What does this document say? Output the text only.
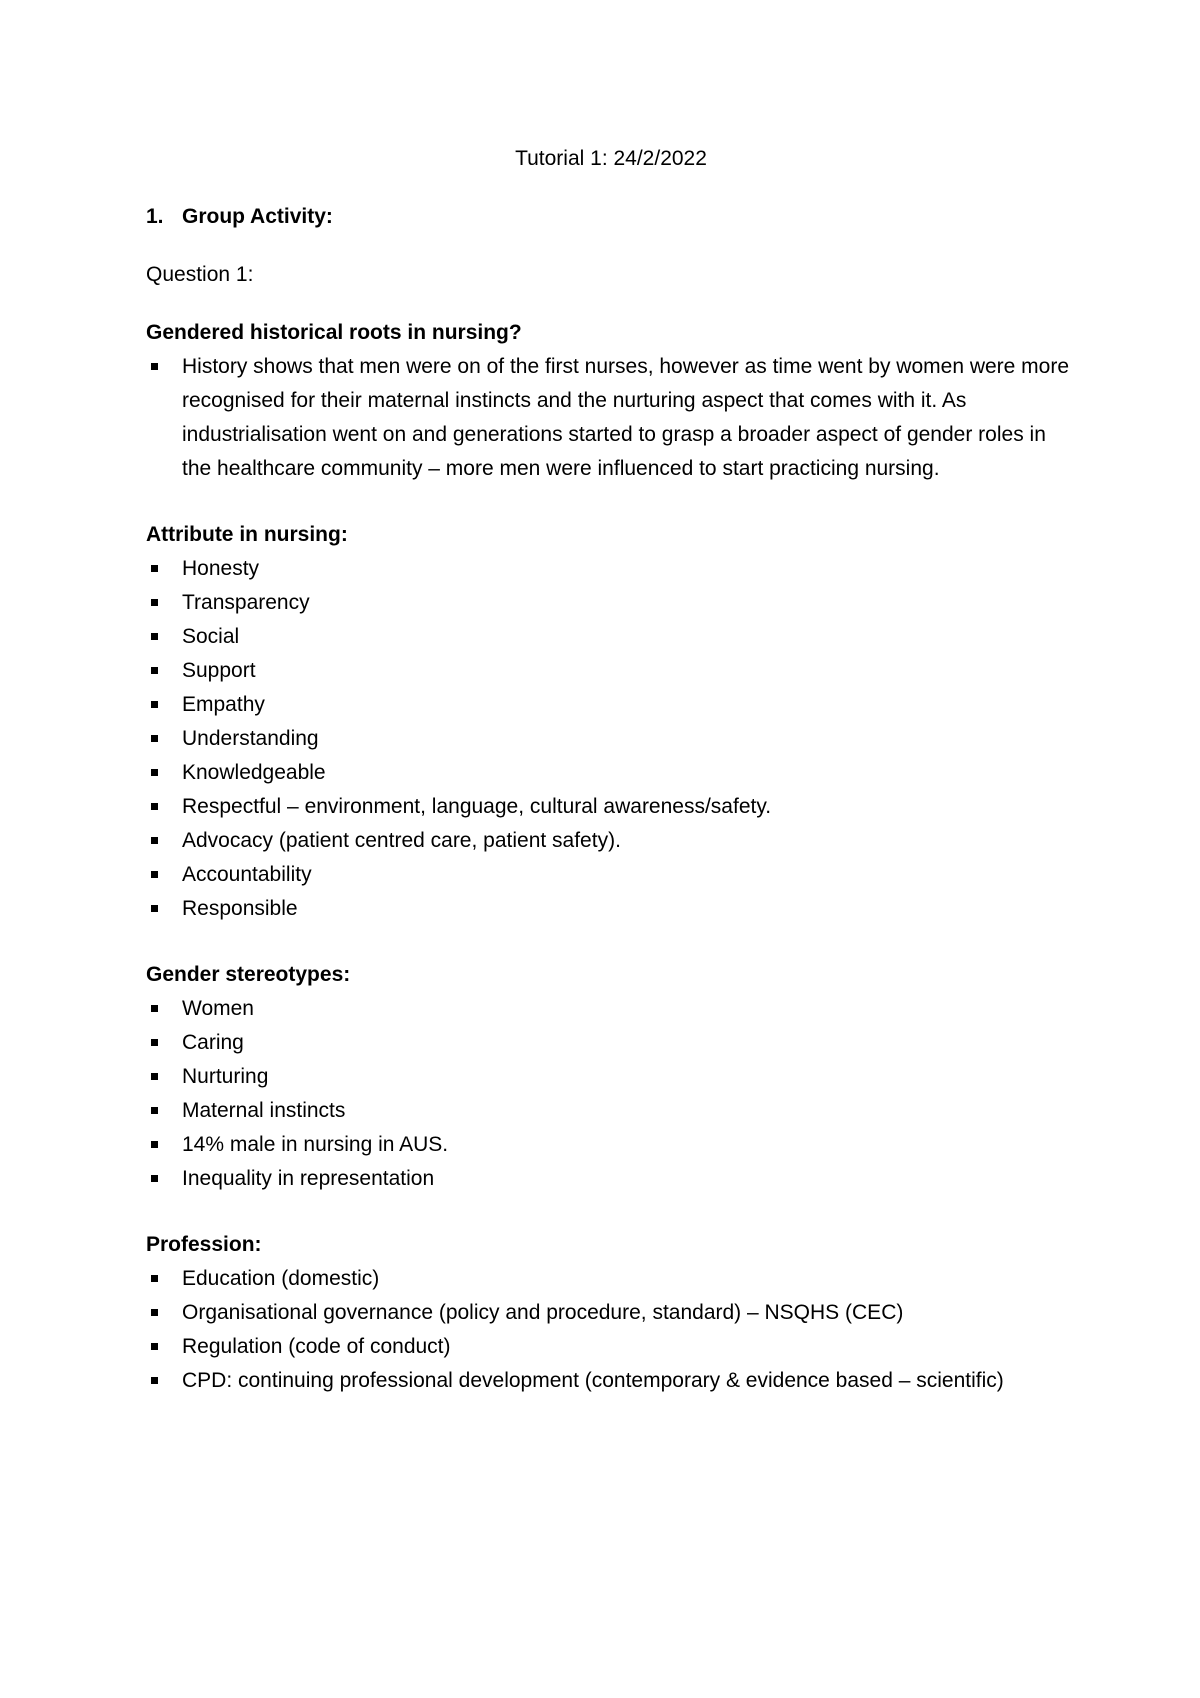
Tutorial 1: 24/2/2022
1. Group Activity:
Question 1:
Gendered historical roots in nursing?
History shows that men were on of the first nurses, however as time went by women were more recognised for their maternal instincts and the nurturing aspect that comes with it. As industrialisation went on and generations started to grasp a broader aspect of gender roles in the healthcare community – more men were influenced to start practicing nursing.
Attribute in nursing:
Honesty
Transparency
Social
Support
Empathy
Understanding
Knowledgeable
Respectful – environment, language, cultural awareness/safety.
Advocacy (patient centred care, patient safety).
Accountability
Responsible
Gender stereotypes:
Women
Caring
Nurturing
Maternal instincts
14% male in nursing in AUS.
Inequality in representation
Profession:
Education (domestic)
Organisational governance (policy and procedure, standard) – NSQHS (CEC)
Regulation (code of conduct)
CPD: continuing professional development (contemporary & evidence based – scientific)
